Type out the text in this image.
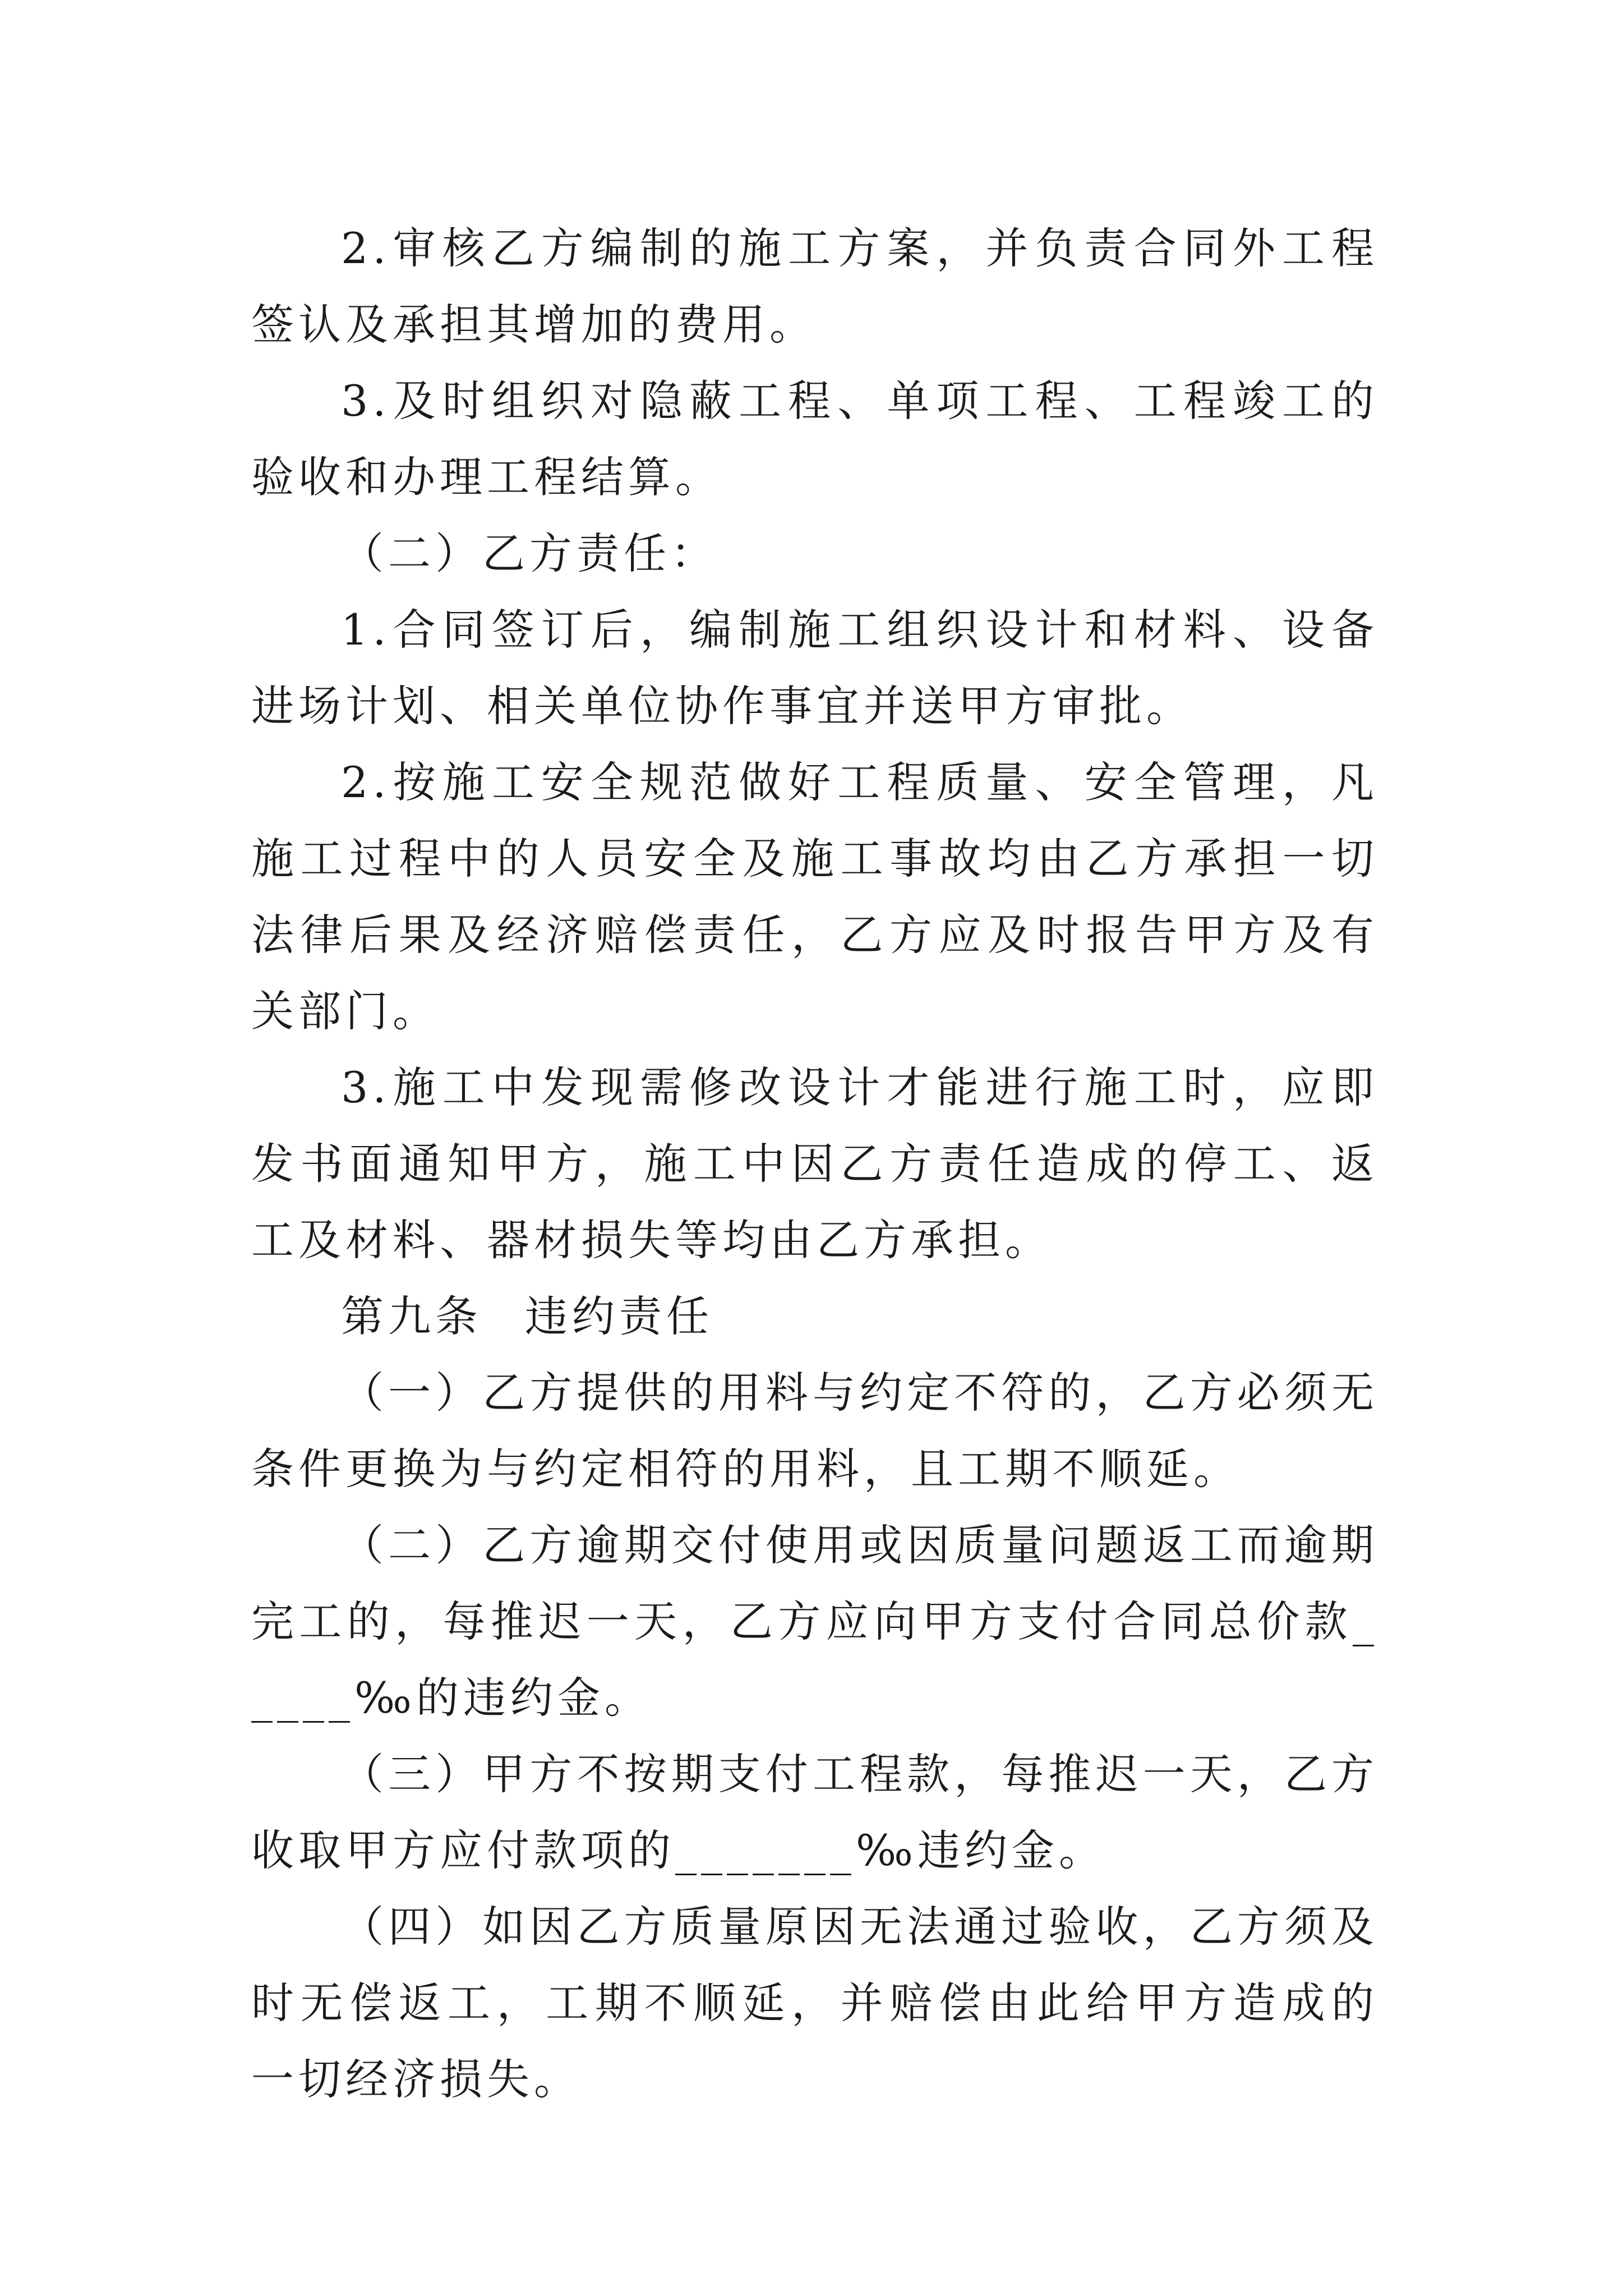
2.审核乙方编制的施工方案，并负责合同外工程签认及承担其增加的费用。

3.及时组织对隐蔽工程、单项工程、工程竣工的验收和办理工程结算。

（二）乙方责任：

1.合同签订后，编制施工组织设计和材料、设备进场计划、相关单位协作事宜并送甲方审批。

2.按施工安全规范做好工程质量、安全管理，凡施工过程中的人员安全及施工事故均由乙方承担一切法律后果及经济赔偿责任，乙方应及时报告甲方及有关部门。

3.施工中发现需修改设计才能进行施工时，应即发书面通知甲方，施工中因乙方责任造成的停工、返工及材料、器材损失等均由乙方承担。

第九条 违约责任

（一）乙方提供的用料与约定不符的，乙方必须无条件更换为与约定相符的用料，且工期不顺延。

（二）乙方逾期交付使用或因质量问题返工而逾期完工的，每推迟一天，乙方应向甲方支付合同总价款_____‰的违约金。

（三）甲方不按期支付工程款，每推迟一天，乙方收取甲方应付款项的_______‰违约金。

（四）如因乙方质量原因无法通过验收，乙方须及时无偿返工，工期不顺延，并赔偿由此给甲方造成的一切经济损失。
